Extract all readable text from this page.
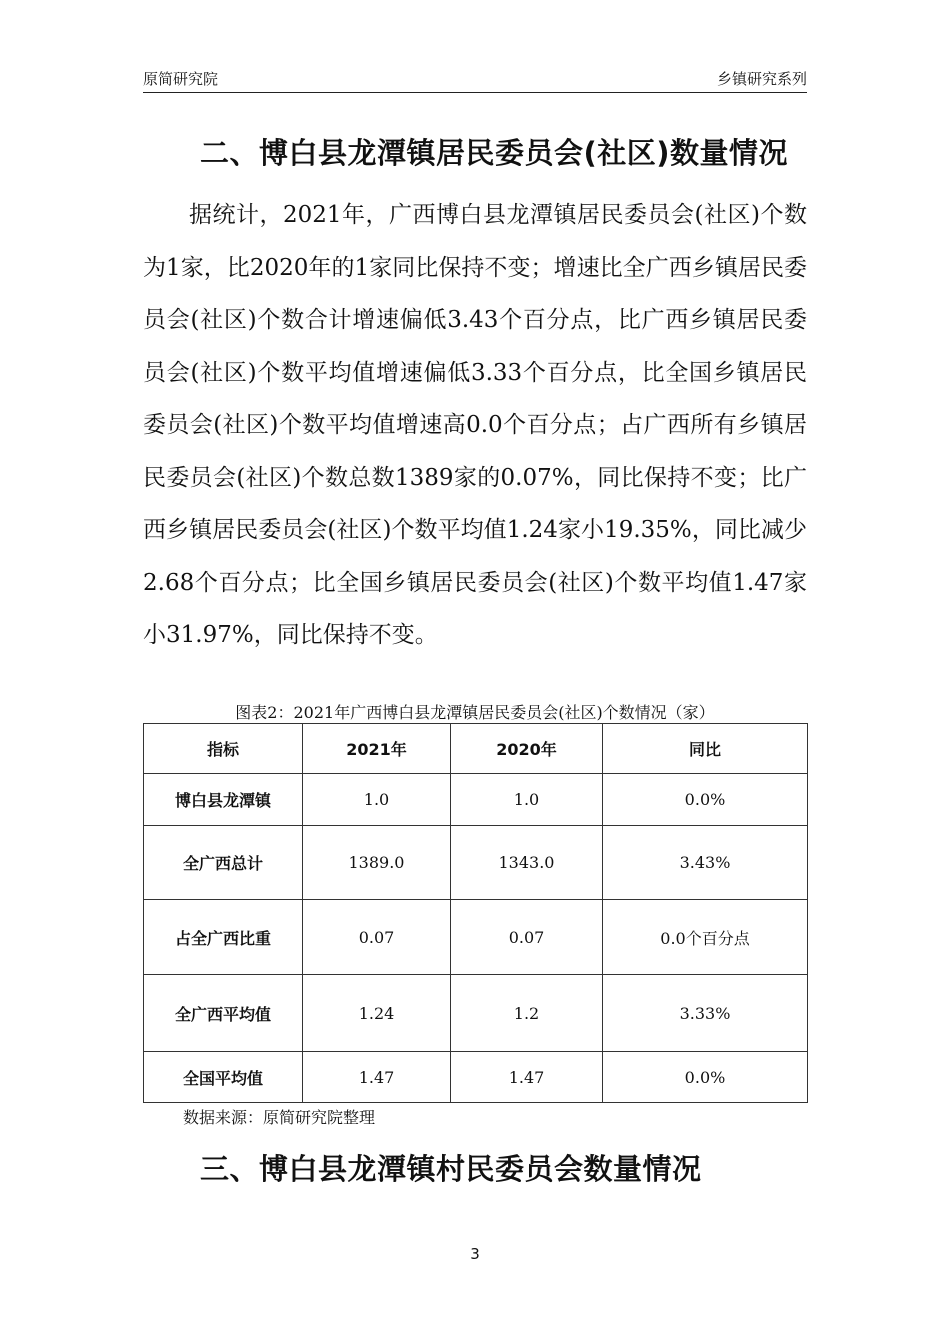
原简研究院	乡镇研究系列
二、博白县龙潭镇居民委员会(社区)数量情况

据统计，2021年，广西博白县龙潭镇居民委员会(社区)个数为1家，比2020年的1家同比保持不变；增速比全广西乡镇居民委员会(社区)个数合计增速偏低3.43个百分点，比广西乡镇居民委员会(社区)个数平均值增速偏低3.33个百分点，比全国乡镇居民委员会(社区)个数平均值增速高0.0个百分点；占广西所有乡镇居民委员会(社区)个数总数1389家的0.07%，同比保持不变；比广西乡镇居民委员会(社区)个数平均值1.24家小19.35%，同比减少2.68个百分点；比全国乡镇居民委员会(社区)个数平均值1.47家小31.97%，同比保持不变。

图表2：2021年广西博白县龙潭镇居民委员会(社区)个数情况（家）
指标	2021年	2020年	同比
博白县龙潭镇	1.0	1.0	0.0%
全广西总计	1389.0	1343.0	3.43%
占全广西比重	0.07	0.07	0.0个百分点
全广西平均值	1.24	1.2	3.33%
全国平均值	1.47	1.47	0.0%
数据来源：原简研究院整理
三、博白县龙潭镇村民委员会数量情况
3
